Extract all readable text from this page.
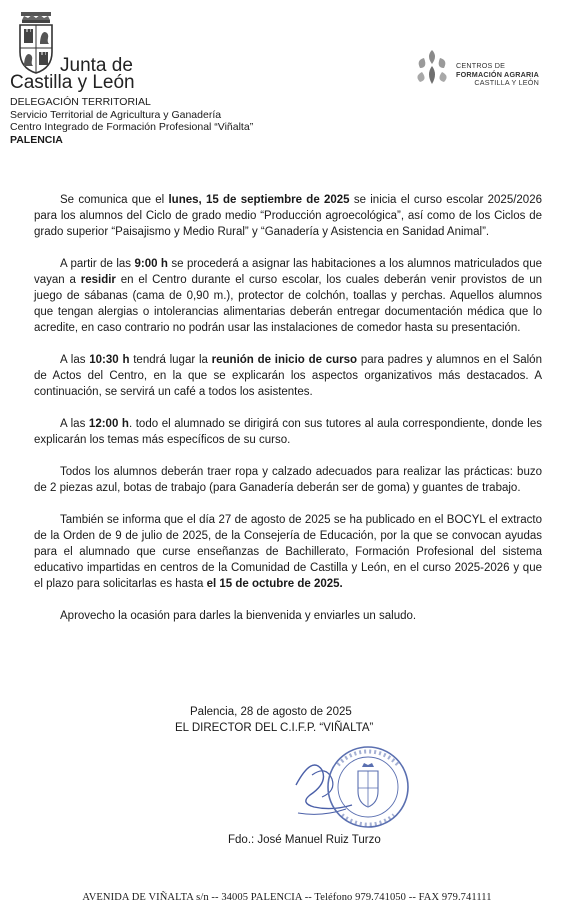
Junta de
Castilla y León
DELEGACIÓN TERRITORIAL
Servicio Territorial de Agricultura y Ganadería
Centro Integrado de Formación Profesional “Viñalta”
PALENCIA
CENTROS DE
FORMACIÓN AGRARIA
CASTILLA Y LEÓN

Se comunica que el lunes, 15 de septiembre de 2025 se inicia el curso escolar 2025/2026 para los alumnos del Ciclo de grado medio “Producción agroecológica”, así como de los Ciclos de grado superior “Paisajismo y Medio Rural” y “Ganadería y Asistencia en Sanidad Animal”.

A partir de las 9:00 h se procederá a asignar las habitaciones a los alumnos matriculados que vayan a residir en el Centro durante el curso escolar, los cuales deberán venir provistos de un juego de sábanas (cama de 0,90 m.), protector de colchón, toallas y perchas. Aquellos alumnos que tengan alergias o intolerancias alimentarias deberán entregar documentación médica que lo acredite, en caso contrario no podrán usar las instalaciones de comedor hasta su presentación.

A las 10:30 h tendrá lugar la reunión de inicio de curso para padres y alumnos en el Salón de Actos del Centro, en la que se explicarán los aspectos organizativos más destacados. A continuación, se servirá un café a todos los asistentes.

A las 12:00 h. todo el alumnado se dirigirá con sus tutores al aula correspondiente, donde les explicarán los temas más específicos de su curso.

Todos los alumnos deberán traer ropa y calzado adecuados para realizar las prácticas: buzo de 2 piezas azul, botas de trabajo (para Ganadería deberán ser de goma) y guantes de trabajo.

También se informa que el día 27 de agosto de 2025 se ha publicado en el BOCYL el extracto de la Orden de 9 de julio de 2025, de la Consejería de Educación, por la que se convocan ayudas para el alumnado que curse enseñanzas de Bachillerato, Formación Profesional del sistema educativo impartidas en centros de la Comunidad de Castilla y León, en el curso 2025-2026 y que el plazo para solicitarlas es hasta el 15 de octubre de 2025.

Aprovecho la ocasión para darles la bienvenida y enviarles un saludo.

Palencia, 28 de agosto de 2025
EL DIRECTOR DEL C.I.F.P. “VIÑALTA”
Fdo.: José Manuel Ruiz Turzo
AVENIDA DE VIÑALTA s/n -- 34005 PALENCIA -- Teléfono 979.741050 -- FAX 979.741111
